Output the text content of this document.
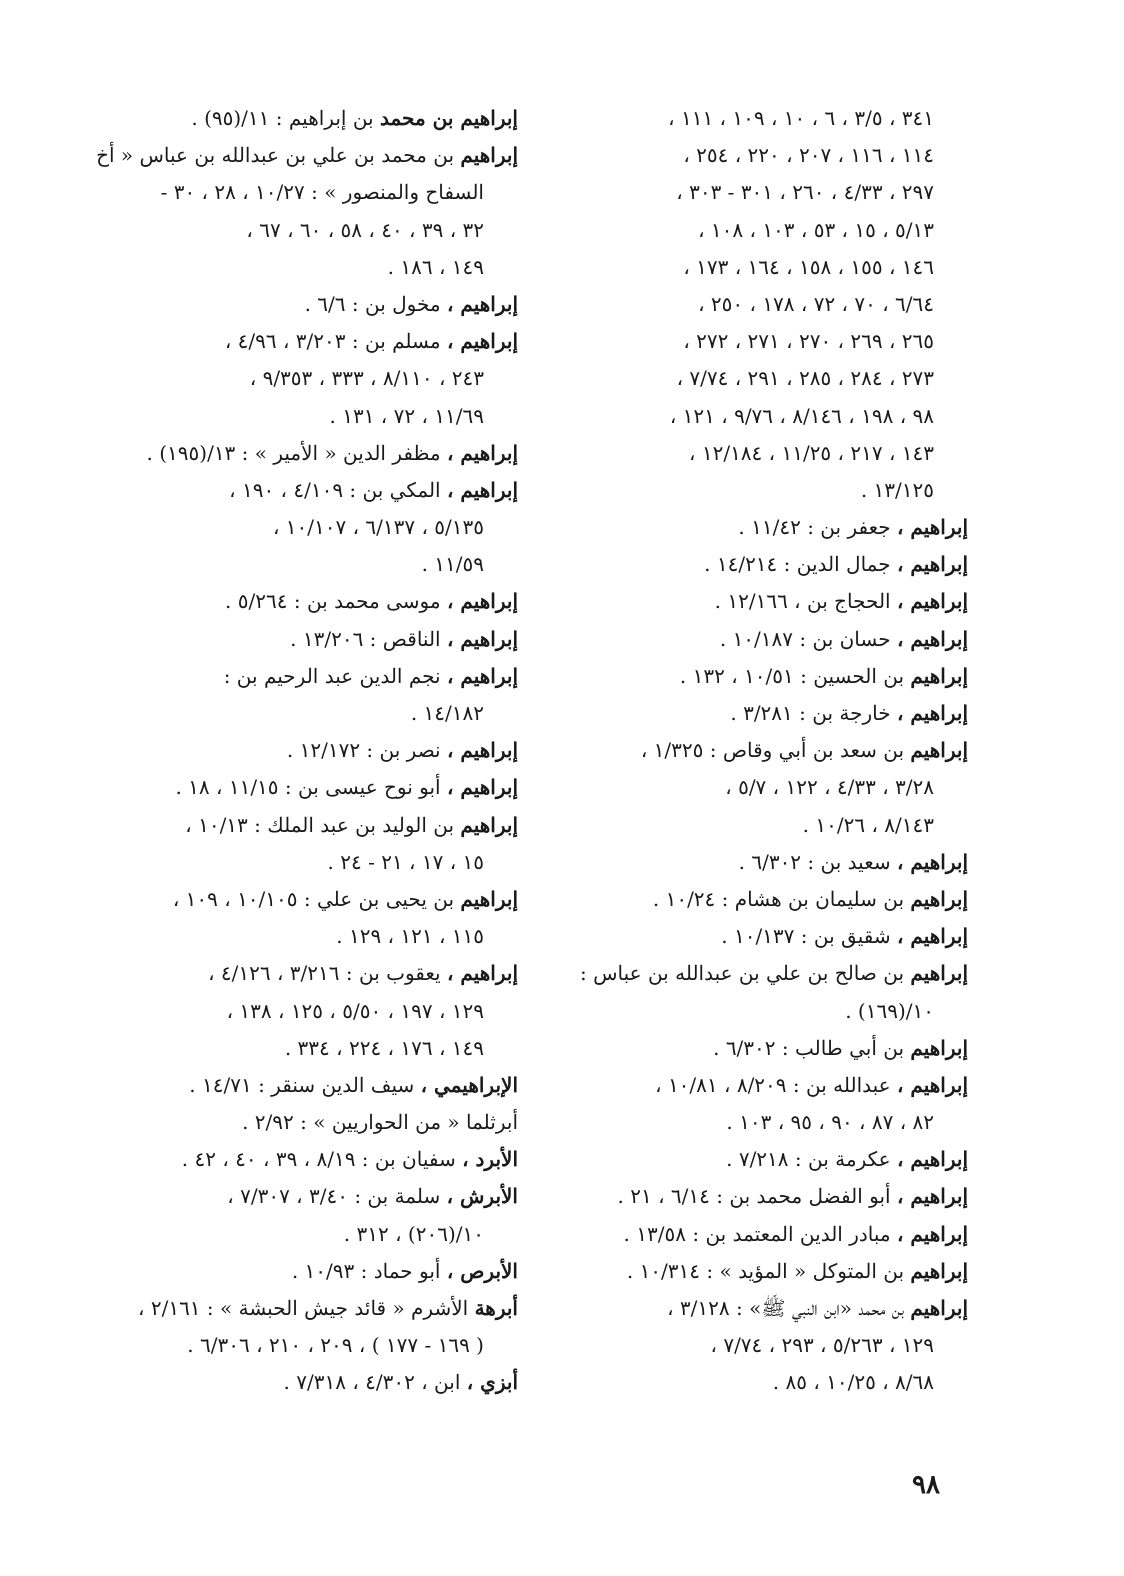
٣٤١ ، ٣/٥ ، ٦ ، ١٠ ، ١٠٩ ، ١١١ ،
١١٤ ، ١١٦ ، ٢٠٧ ، ٢٢٠ ، ٢٥٤ ،
٢٩٧ ، ٤/٣٣ ، ٢٦٠ ، ٣٠١ - ٣٠٣ ،
٥/١٣ ، ١٥ ، ٥٣ ، ١٠٣ ، ١٠٨ ،
١٤٦ ، ١٥٥ ، ١٥٨ ، ١٦٤ ، ١٧٣ ،
٦/٦٤ ، ٧٠ ، ٧٢ ، ١٧٨ ، ٢٥٠ ،
٢٦٥ ، ٢٦٩ ، ٢٧٠ ، ٢٧١ ، ٢٧٢ ،
٢٧٣ ، ٢٨٤ ، ٢٨٥ ، ٢٩١ ، ٧/٧٤ ،
٩٨ ، ١٩٨ ، ٨/١٤٦ ، ٩/٧٦ ، ١٢١ ،
١٤٣ ، ٢١٧ ، ١١/٢٥ ، ١٢/١٨٤ ،
١٣/١٢٥ .
إبراهيم ، جعفر بن : ١١/٤٢ .
إبراهيم ، جمال الدين : ١٤/٢١٤ .
إبراهيم ، الحجاج بن ، ١٢/١٦٦ .
إبراهيم ، حسان بن : ١٠/١٨٧ .
إبراهيم بن الحسين : ١٠/٥١ ، ١٣٢ .
إبراهيم ، خارجة بن : ٣/٢٨١ .
إبراهيم بن سعد بن أبي وقاص : ١/٣٢٥ ،
٣/٢٨ ، ٤/٣٣ ، ١٢٢ ، ٥/٧ ،
٨/١٤٣ ، ١٠/٢٦ .
إبراهيم ، سعيد بن : ٦/٣٠٢ .
إبراهيم بن سليمان بن هشام : ١٠/٢٤ .
إبراهيم ، شقيق بن : ١٠/١٣٧ .
إبراهيم بن صالح بن علي بن عبدالله بن عباس :
١٠/(١٦٩) .
إبراهيم بن أبي طالب : ٦/٣٠٢ .
إبراهيم ، عبدالله بن : ٨/٢٠٩ ، ١٠/٨١ ،
٨٢ ، ٨٧ ، ٩٠ ، ٩٥ ، ١٠٣ .
إبراهيم ، عكرمة بن : ٧/٢١٨ .
إبراهيم ، أبو الفضل محمد بن : ٦/١٤ ، ٢١ .
إبراهيم ، مبادر الدين المعتمد بن : ١٣/٥٨ .
إبراهيم بن المتوكل « المؤيد » : ١٠/٣١٤ .
إبراهيم بن محمد «ابن النبي ﷺ» : ٣/١٢٨ ،
١٢٩ ، ٥/٢٦٣ ، ٢٩٣ ، ٧/٧٤ ،
٨/٦٨ ، ١٠/٢٥ ، ٨٥ .
إبراهيم بن محمد بن إبراهيم : ١١/(٩٥) .
إبراهيم بن محمد بن علي بن عبدالله بن عباس « أخ
السفاح والمنصور » : ١٠/٢٧ ، ٢٨ ، ٣٠ -
٣٢ ، ٣٩ ، ٤٠ ، ٥٨ ، ٦٠ ، ٦٧ ،
١٤٩ ، ١٨٦ .
إبراهيم ، مخول بن : ٦/٦ .
إبراهيم ، مسلم بن : ٣/٢٠٣ ، ٤/٩٦ ،
٢٤٣ ، ٨/١١٠ ، ٣٣٣ ، ٩/٣٥٣ ،
١١/٦٩ ، ٧٢ ، ١٣١ .
إبراهيم ، مظفر الدين « الأمير » : ١٣/(١٩٥) .
إبراهيم ، المكي بن : ٤/١٠٩ ، ١٩٠ ،
٥/١٣٥ ، ٦/١٣٧ ، ١٠/١٠٧ ،
١١/٥٩ .
إبراهيم ، موسى محمد بن : ٥/٢٦٤ .
إبراهيم ، الناقص : ١٣/٢٠٦ .
إبراهيم ، نجم الدين عبد الرحيم بن :
١٤/١٨٢ .
إبراهيم ، نصر بن : ١٢/١٧٢ .
إبراهيم ، أبو نوح عيسى بن : ١١/١٥ ، ١٨ .
إبراهيم بن الوليد بن عبد الملك : ١٠/١٣ ،
١٥ ، ١٧ ، ٢١ - ٢٤ .
إبراهيم بن يحيى بن علي : ١٠/١٠٥ ، ١٠٩ ،
١١٥ ، ١٢١ ، ١٢٩ .
إبراهيم ، يعقوب بن : ٣/٢١٦ ، ٤/١٢٦ ،
١٢٩ ، ١٩٧ ، ٥/٥٠ ، ١٢٥ ، ١٣٨ ،
١٤٩ ، ١٧٦ ، ٢٢٤ ، ٣٣٤ .
الإبراهيمي ، سيف الدين سنقر : ١٤/٧١ .
أبرثلما « من الحواريين » : ٢/٩٢ .
الأبرد ، سفيان بن : ٨/١٩ ، ٣٩ ، ٤٠ ، ٤٢ .
الأبرش ، سلمة بن : ٣/٤٠ ، ٧/٣٠٧ ،
١٠/(٢٠٦) ، ٣١٢ .
الأبرص ، أبو حماد : ١٠/٩٣ .
أبرهة الأشرم « قائد جيش الحبشة » : ٢/١٦١ ،
( ١٦٩ - ١٧٧ ) ، ٢٠٩ ، ٢١٠ ، ٦/٣٠٦ .
أبزي ، ابن ، ٤/٣٠٢ ، ٧/٣١٨ .
٩٨
